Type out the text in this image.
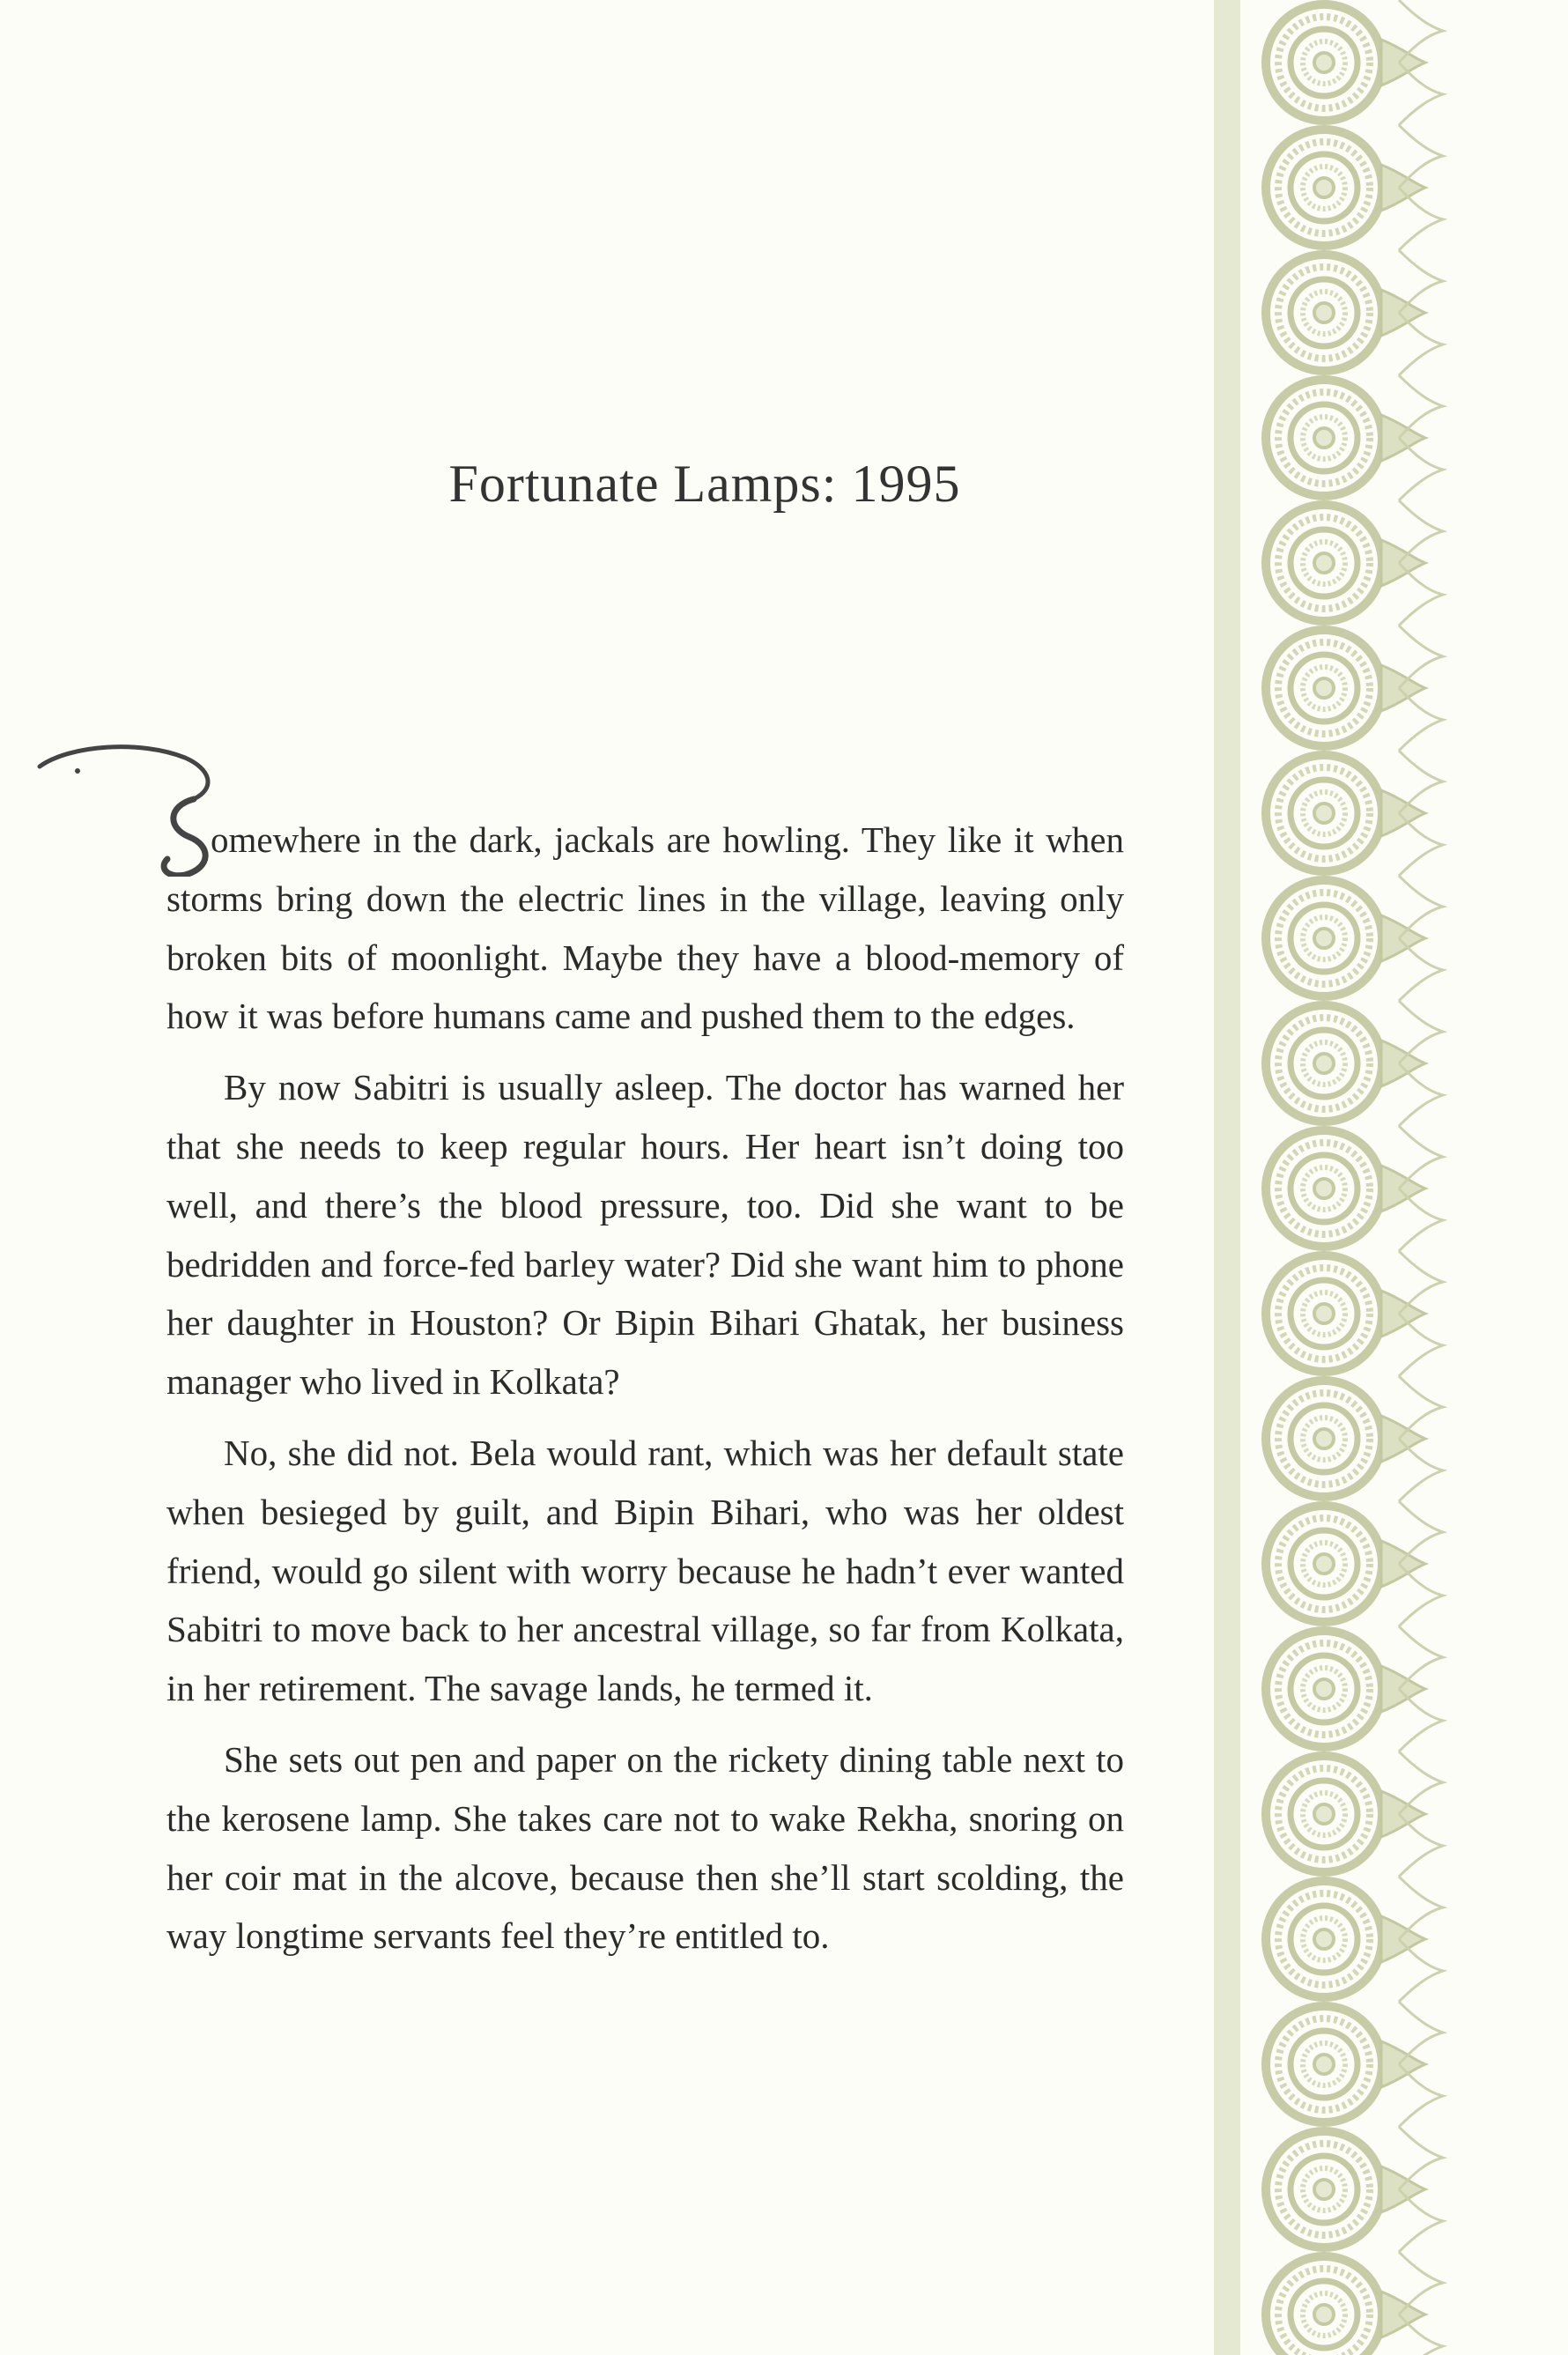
Fortunate Lamps: 1995
S

omewhere in the dark, jackals are howling. They like it when storms bring down the electric lines in the village, leaving only broken bits of moonlight. Maybe they have a blood-memory of how it was before humans came and pushed them to the edges.

By now Sabitri is usually asleep. The doctor has warned her that she needs to keep regular hours. Her heart isn’t doing too well, and there’s the blood pressure, too. Did she want to be bedridden and force-fed barley water? Did she want him to phone her daughter in Houston? Or Bipin Bihari Ghatak, her business manager who lived in Kolkata?

No, she did not. Bela would rant, which was her default state when besieged by guilt, and Bipin Bihari, who was her oldest friend, would go silent with worry because he hadn’t ever wanted Sabitri to move back to her ancestral village, so far from Kolkata, in her retirement. The savage lands, he termed it.

She sets out pen and paper on the rickety dining table next to the kerosene lamp. She takes care not to wake Rekha, snoring on her coir mat in the alcove, because then she’ll start scolding, the way longtime servants feel they’re entitled to.
